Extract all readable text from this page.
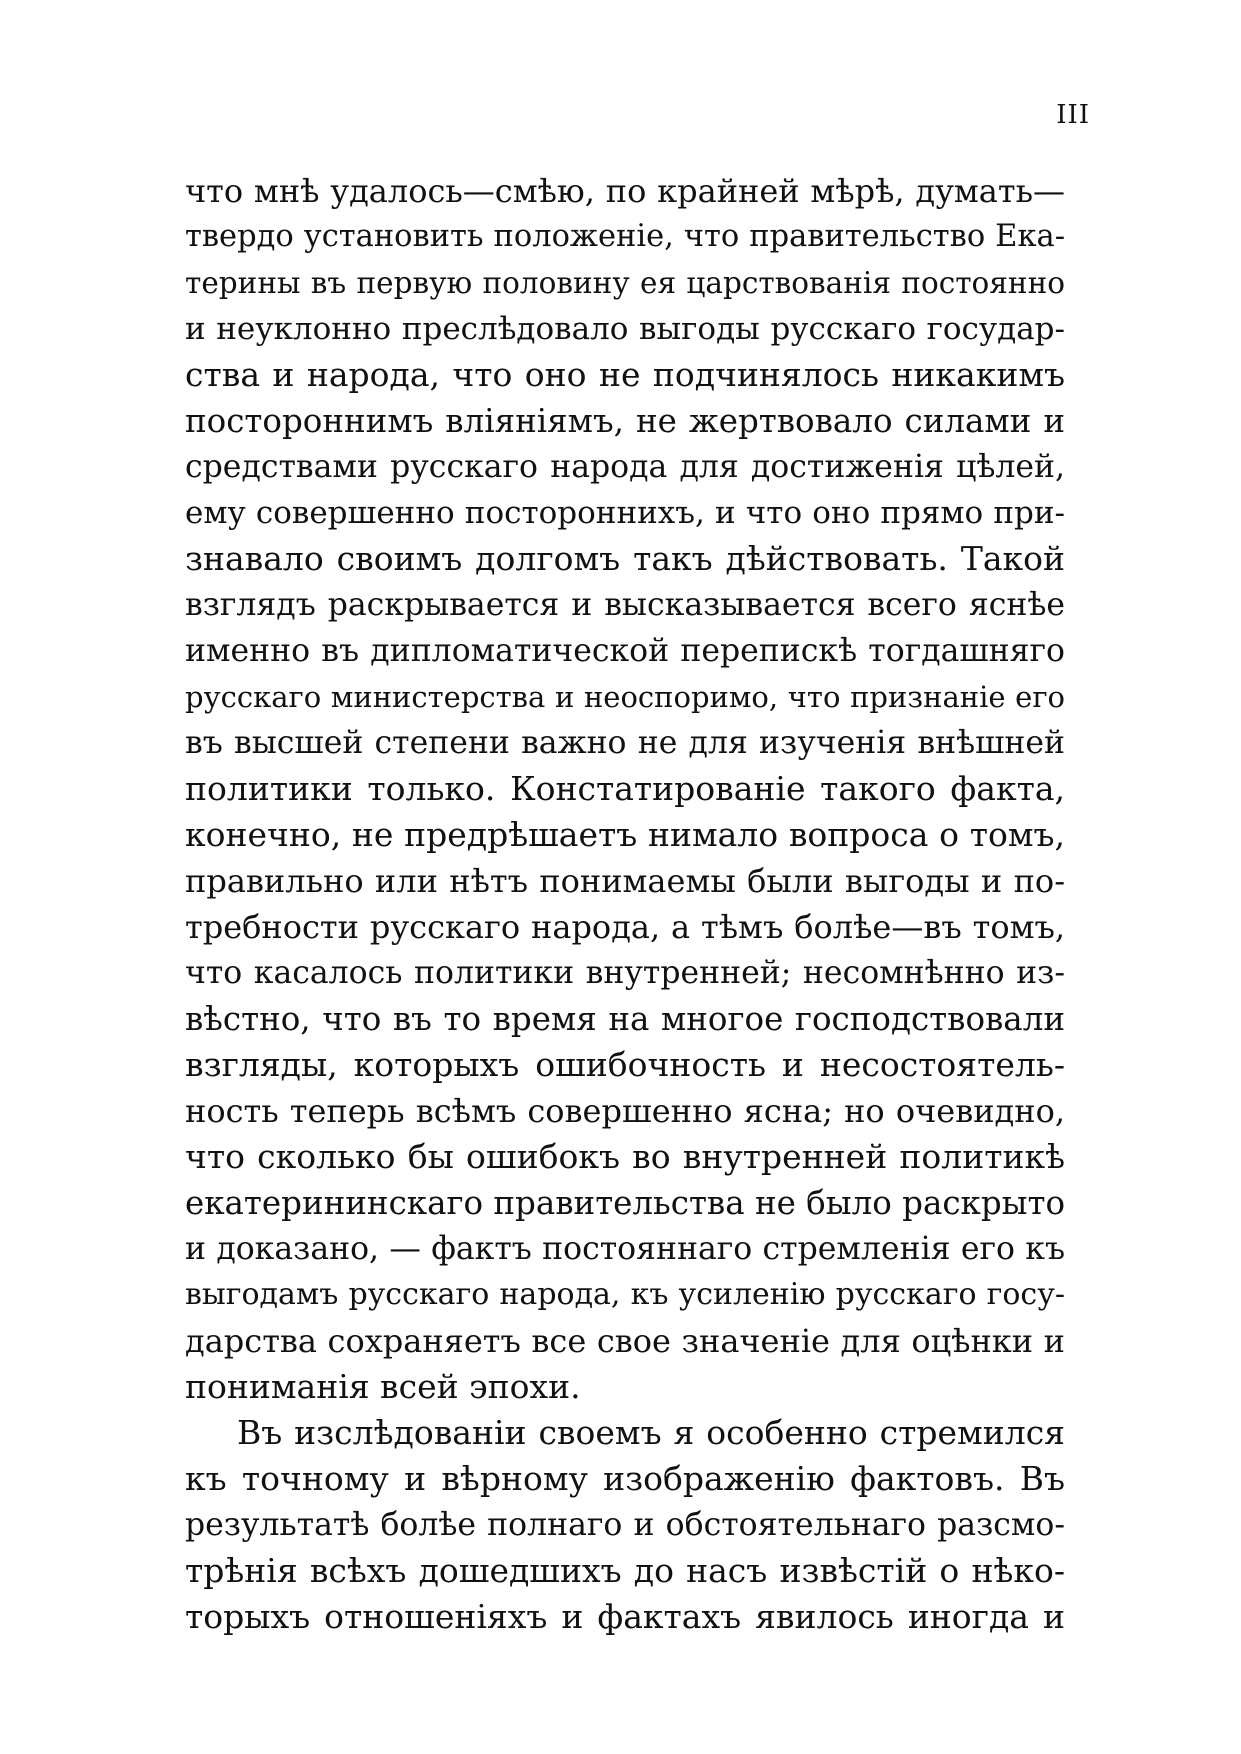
III
что мнѣ удалось—смѣю, по крайней мѣрѣ, думать—
твердо установить положеніе, что правительство Ека-
терины въ первую половину ея царствованія постоянно
и неуклонно преслѣдовало выгоды русскаго государ-
ства и народа, что оно не подчинялось никакимъ
постороннимъ вліяніямъ, не жертвовало силами и
средствами русскаго народа для достиженія цѣлей,
ему совершенно постороннихъ, и что оно прямо при-
знавало своимъ долгомъ такъ дѣйствовать. Такой
взглядъ раскрывается и высказывается всего яснѣе
именно въ дипломатической перепискѣ тогдашняго
русскаго министерства и неоспоримо, что признаніе его
въ высшей степени важно не для изученія внѣшней
политики только. Констатированіе такого факта,
конечно, не предрѣшаетъ нимало вопроса о томъ,
правильно или нѣтъ понимаемы были выгоды и по-
требности русскаго народа, а тѣмъ болѣе—въ томъ,
что касалось политики внутренней; несомнѣнно из-
вѣстно, что въ то время на многое господствовали
взгляды, которыхъ ошибочность и несостоятель-
ность теперь всѣмъ совершенно ясна; но очевидно,
что сколько бы ошибокъ во внутренней политикѣ
екатерининскаго правительства не было раскрыто
и доказано, — фактъ постояннаго стремленія его къ
выгодамъ русскаго народа, къ усиленію русскаго госу-
дарства сохраняетъ все свое значеніе для оцѣнки и
пониманія всей эпохи.
Въ изслѣдованіи своемъ я особенно стремился
къ точному и вѣрному изображенію фактовъ. Въ
результатѣ болѣе полнаго и обстоятельнаго разсмо-
трѣнія всѣхъ дошедшихъ до насъ извѣстій о нѣко-
торыхъ отношеніяхъ и фактахъ явилось иногда и
